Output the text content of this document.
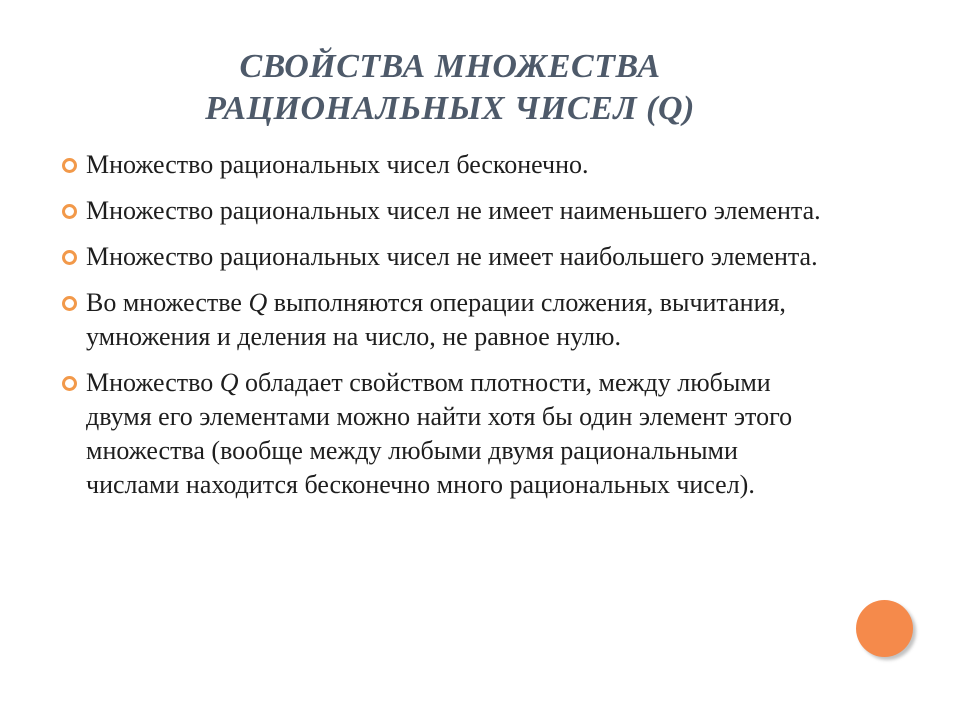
СВОЙСТВА МНОЖЕСТВА
РАЦИОНАЛЬНЫХ ЧИСЕЛ (Q)
Множество рациональных чисел бесконечно.
Множество рациональных чисел не имеет наименьшего элемента.
Множество рациональных чисел не имеет наибольшего элемента.
Во множестве Q выполняются операции сложения, вычитания, умножения и деления на число, не равное нулю.
Множество Q обладает свойством плотности, между любыми двумя его элементами можно найти хотя бы один элемент этого множества (вообще между любыми двумя рациональными числами находится бесконечно много рациональных чисел).
